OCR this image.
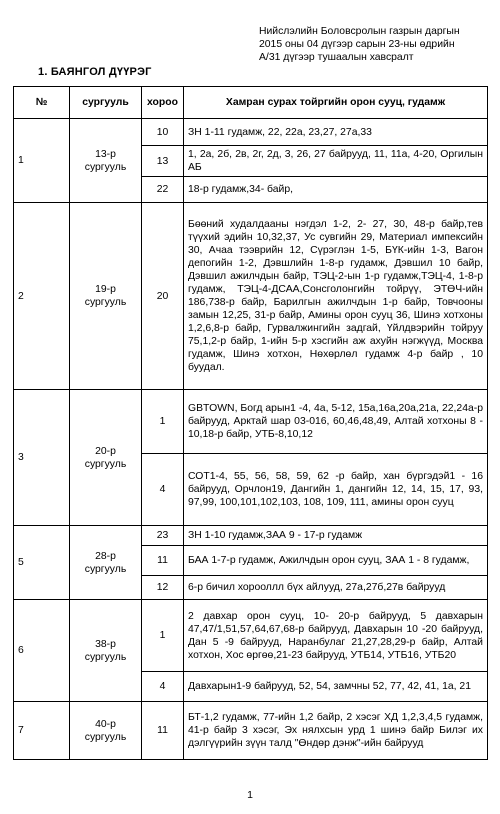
Нийслэлийн Боловсролын газрын даргын
2015 оны 04 дүгээр сарын 23-ны өдрийн
А/31 дүгээр тушаалын хавсралт
1. БАЯНГОЛ ДҮҮРЭГ
№	сургууль	хороо	Хамран сурах тойргийн орон сууц, гудамж
1	13-р сургууль	10	ЗН 1-11 гудамж, 22, 22а, 23,27, 27а,33
		13	1, 2а, 2б, 2в, 2г, 2д, 3, 26, 27 байрууд, 11, 11а, 4-20, Оргилын АБ
		22	18-р гудамж,34- байр,
2	19-р сургууль	20	Бөөний худалдааны нэгдэл 1-2, 2- 27, 30, 48-р байр,тев түүхий эдийн 10,32,37, Ус сувгийн 29, Материал импексийн 30, Ачаа тээврийн 12, Сүрэглэн 1-5, БҮК-ийн 1-3, Вагон депогийн 1-2, Дэвшлийн 1-8-р гудамж, Дэвшил 10 байр, Дэвшил ажилчдын байр, ТЭЦ-2-ын 1-р гудамж,ТЭЦ-4, 1-8-р гудамж, ТЭЦ-4-ДСАА,Сонсголонгийн тойрүү, ЭТӨЧ-ийн 186,738-р байр, Барилгын ажилчдын 1-р байр, Товчооны замын 12,25, 31-р байр, Амины орон сууц 36, Шинэ хотхоны 1,2,6,8-р байр, Гурвалжингийн задгай, Үйлдвэрийн тойруу 75,1,2-р байр, 1-ийн 5-р хэсгийн аж ахуйн нэгжүүд, Москва гудамж, Шинэ хотхон, Нөхөрлөл гудамж 4-р байр , 10 буудал.
3	20-р сургууль	1	GBTOWN, Богд арын1 -4, 4а, 5-12, 15а,16а,20а,21а, 22,24а-р байрууд, Арктай шар 03-016, 60,46,48,49, Алтай хотхоны 8 - 10,18-р байр, УТБ-8,10,12
		4	СОТ1-4, 55, 56, 58, 59, 62 -р байр, хан бүргэдэй1 - 16 байрууд, Орчлон19, Дангийн 1, дангийн 12, 14, 15, 17, 93, 97,99, 100,101,102,103, 108, 109, 111, амины орон сууц
5	28-р сургууль	23	ЗН 1-10 гудамж,ЗАА 9 - 17-р гудамж
		11	БАА 1-7-р гудамж, Ажилчдын орон сууц, ЗАА 1 - 8 гудамж,
		12	6-р бичил хорооллл бүх айлууд, 27а,27б,27в байрууд
6	38-р сургууль	1	2 давхар орон сууц, 10- 20-р байрууд, 5 давхарын 47,47/1,51,57,64,67,68-р байрууд, Давхарын 10 -20 байрууд, Дан 5 -9 байрууд, Наранбулаг 21,27,28,29-р байр, Алтай хотхон, Хос өргөө,21-23 байрууд, УТБ14, УТБ16, УТБ20
		4	Давхарын1-9 байрууд, 52, 54, замчны 52, 77, 42, 41, 1а, 21
7	40-р сургууль	11	БТ-1,2 гудамж, 77-ийн 1,2 байр, 2 хэсэг ХД 1,2,3,4,5 гудамж, 41-р байр 3 хэсэг, Эх нялхсын урд 1 шинэ байр Билэг их дэлгүүрийн зүүн талд "Өндөр дэнж"-ийн байрууд
1
